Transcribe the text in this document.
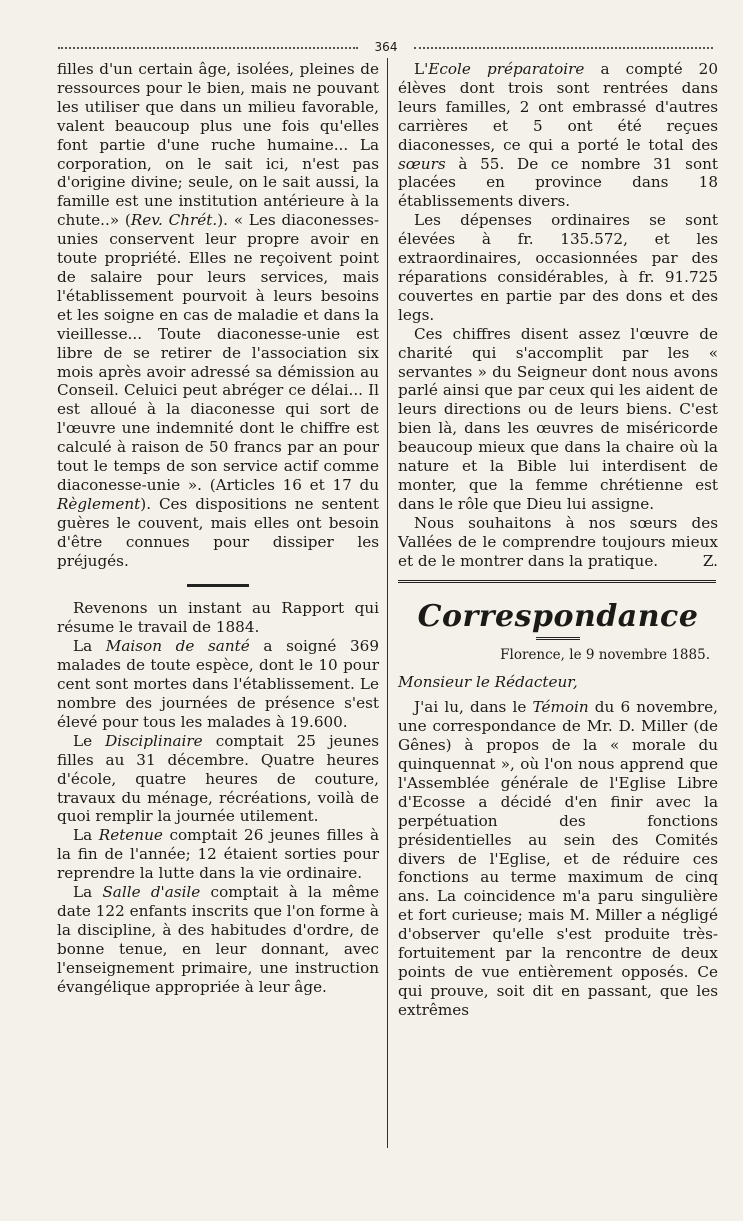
364

filles d'un certain âge, isolées, pleines de ressources pour le bien, mais ne pouvant les utiliser que dans un milieu favorable, valent beaucoup plus une fois qu'elles font partie d'une ruche humaine... La corporation, on le sait ici, n'est pas d'origine divine; seule, on le sait aussi, la famille est une institution antérieure à la chute..» (Rev. Chrét.). « Les diaconesses-unies conservent leur propre avoir en toute propriété. Elles ne reçoivent point de salaire pour leurs services, mais l'établissement pourvoit à leurs besoins et les soigne en cas de maladie et dans la vieillesse... Toute diaconesse-unie est libre de se retirer de l'association six mois après avoir adressé sa démission au Conseil. Celuici peut abréger ce délai... Il est alloué à la diaconesse qui sort de l'œuvre une indemnité dont le chiffre est calculé à raison de 50 francs par an pour tout le temps de son service actif comme diaconesse-unie ». (Articles 16 et 17 du Règlement). Ces dispositions ne sentent guères le couvent, mais elles ont besoin d'être connues pour dissiper les préjugés.

Revenons un instant au Rapport qui résume le travail de 1884.

La Maison de santé a soigné 369 malades de toute espèce, dont le 10 pour cent sont mortes dans l'établissement. Le nombre des journées de présence s'est élevé pour tous les malades à 19.600.

Le Disciplinaire comptait 25 jeunes filles au 31 décembre. Quatre heures d'école, quatre heures de couture, travaux du ménage, récréations, voilà de quoi remplir la journée utilement.

La Retenue comptait 26 jeunes filles à la fin de l'année; 12 étaient sorties pour reprendre la lutte dans la vie ordinaire.

La Salle d'asile comptait à la même date 122 enfants inscrits que l'on forme à la discipline, à des habitudes d'ordre, de bonne tenue, en leur donnant, avec l'enseignement primaire, une instruction évangélique appropriée à leur âge.

L'Ecole préparatoire a compté 20 élèves dont trois sont rentrées dans leurs familles, 2 ont embrassé d'autres carrières et 5 ont été reçues diaconesses, ce qui a porté le total des sœurs à 55. De ce nombre 31 sont placées en province dans 18 établissements divers.

Les dépenses ordinaires se sont élevées à fr. 135.572, et les extraordinaires, occasionnées par des réparations considérables, à fr. 91.725 couvertes en partie par des dons et des legs.

Ces chiffres disent assez l'œuvre de charité qui s'accomplit par les « servantes » du Seigneur dont nous avons parlé ainsi que par ceux qui les aident de leurs directions ou de leurs biens. C'est bien là, dans les œuvres de miséricorde beaucoup mieux que dans la chaire où la nature et la Bible lui interdisent de monter, que la femme chrétienne est dans le rôle que Dieu lui assigne.

Nous souhaitons à nos sœurs des Vallées de le comprendre toujours mieux et de le montrer dans la pratique.	Z.

Correspondance
Florence, le 9 novembre 1885.

Monsieur le Rédacteur,

J'ai lu, dans le Témoin du 6 novembre, une correspondance de Mr. D. Miller (de Gênes) à propos de la « morale du quinquennat », où l'on nous apprend que l'Assemblée générale de l'Eglise Libre d'Ecosse a décidé d'en finir avec la perpétuation des fonctions présidentielles au sein des Comités divers de l'Eglise, et de réduire ces fonctions au terme maximum de cinq ans. La coincidence m'a paru singulière et fort curieuse; mais M. Miller a négligé d'observer qu'elle s'est produite très-fortuitement par la rencontre de deux points de vue entièrement opposés. Ce qui prouve, soit dit en passant, que les extrêmes
